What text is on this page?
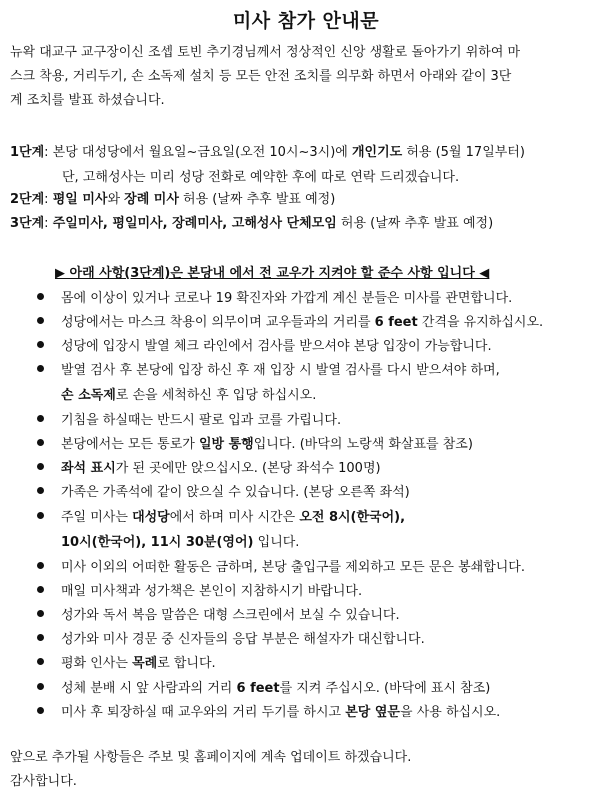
미사 참가 안내문
뉴왁 대교구 교구장이신 조셉 토빈 추기경님께서 정상적인 신앙 생활로 돌아가기 위하여 마
스크 착용, 거리두기, 손 소독제 설치 등 모든 안전 조치를 의무화 하면서 아래와 같이 3단
계 조치를 발표 하셨습니다.
1단계: 본당 대성당에서 월요일~금요일(오전 10시~3시)에 개인기도 허용 (5월 17일부터)
단, 고해성사는 미리 성당 전화로 예약한 후에 따로 연락 드리겠습니다.
2단계: 평일 미사와 장례 미사 허용 (날짜 추후 발표 예정)
3단계: 주일미사, 평일미사, 장례미사, 고해성사 단체모임 허용 (날짜 추후 발표 예정)
▶ 아래 사항(3단계)은 본당내 에서 전 교우가 지켜야 할 준수 사항 입니다 ◀
몸에 이상이 있거나 코로나 19 확진자와 가깝게 계신 분들은 미사를 관면합니다.
성당에서는 마스크 착용이 의무이며 교우들과의 거리를 6 feet 간격을 유지하십시오.
성당에 입장시 발열 체크 라인에서 검사를 받으셔야 본당 입장이 가능합니다.
발열 검사 후 본당에 입장 하신 후 재 입장 시 발열 검사를 다시 받으셔야 하며,
손 소독제로 손을 세척하신 후 입당 하십시오.
기침을 하실때는 반드시 팔로 입과 코를 가립니다.
본당에서는 모든 통로가 일방 통행입니다. (바닥의 노랑색 화살표를 참조)
좌석 표시가 된 곳에만 앉으십시오. (본당 좌석수 100명)
가족은 가족석에 같이 앉으실 수 있습니다. (본당 오른쪽 좌석)
주일 미사는 대성당에서 하며 미사 시간은 오전 8시(한국어),
10시(한국어), 11시 30분(영어) 입니다.
미사 이외의 어떠한 활동은 금하며, 본당 출입구를 제외하고 모든 문은 봉쇄합니다.
매일 미사책과 성가책은 본인이 지참하시기 바랍니다.
성가와 독서 복음 말씀은 대형 스크린에서 보실 수 있습니다.
성가와 미사 경문 중 신자들의 응답 부분은 해설자가 대신합니다.
평화 인사는 목례로 합니다.
성체 분배 시 앞 사람과의 거리 6 feet를 지켜 주십시오. (바닥에 표시 참조)
미사 후 퇴장하실 때 교우와의 거리 두기를 하시고 본당 옆문을 사용 하십시오.
앞으로 추가될 사항들은 주보 및 홈페이지에 계속 업데이트 하겠습니다.
감사합니다.
